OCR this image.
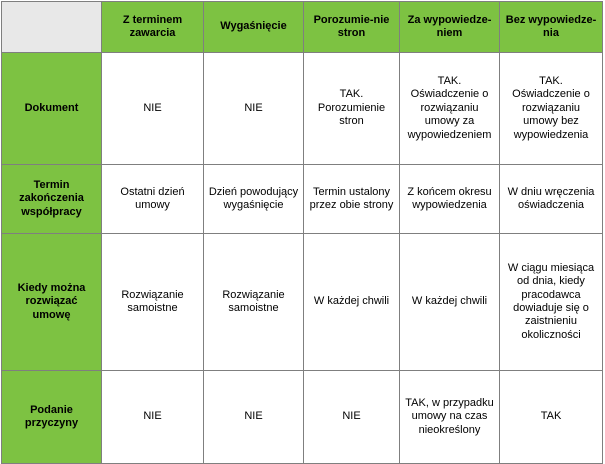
	Z terminem zawarcia	Wygaśnięcie	Porozumie-nie stron	Za wypowiedze-niem	Bez wypowiedze-nia
Dokument	NIE	NIE	TAK. Porozumienie stron	TAK. Oświadczenie o rozwiązaniu umowy za wypowiedzeniem	TAK. Oświadczenie o rozwiązaniu umowy bez wypowiedzenia
Termin zakończenia współpracy	Ostatni dzień umowy	Dzień powodujący wygaśnięcie	Termin ustalony przez obie strony	Z końcem okresu wypowiedzenia	W dniu wręczenia oświadczenia
Kiedy można rozwiązać umowę	Rozwiązanie samoistne	Rozwiązanie samoistne	W każdej chwili	W każdej chwili	W ciągu miesiąca od dnia, kiedy pracodawca dowiaduje się o zaistnieniu okoliczności
Podanie przyczyny	NIE	NIE	NIE	TAK, w przypadku umowy na czas nieokreślony	TAK
